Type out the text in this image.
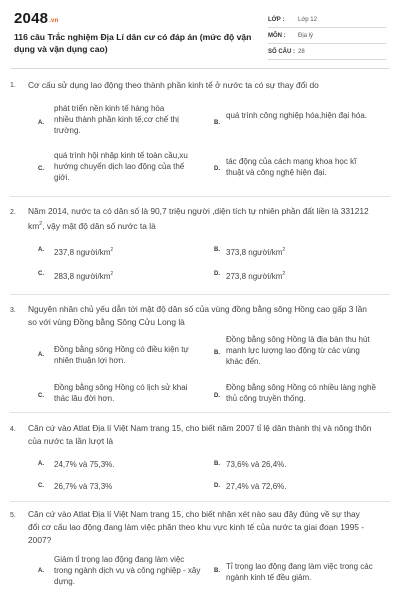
2048.vn
116 câu Trắc nghiệm Địa Lí dân cư có đáp án (mức độ vận dụng và vận dụng cao)
LỚP : Lớp 12
MÔN : Địa lý
SỐ CÂU : 28
1. Cơ cấu sử dụng lao động theo thành phần kinh tế ở nước ta có sự thay đổi do
A.
phát triển nền kinh tế hàng hóa nhiều thành phần kinh tế,cơ chế thị trường.
B.
quá trình công nghiệp hóa,hiện đại hóa.
C.
quá trình hội nhập kinh tế toàn cầu,xu hướng chuyển dịch lao động của thế giới.
D.
tác động của cách mạng khoa học kĩ thuật và công nghệ hiện đại.
2. Năm 2014, nước ta có dân số là 90,7 triệu người ,diện tích tự nhiên phần đất liền là 331212 $km^2$, vậy mật độ dân số nước ta là
A. 237,8 người/$km^2$	B. 373,8 người/$km^2$
C. 283,8 người/$km^2$	D. 273,8 người/$km^2$
3. Nguyên nhân chủ yếu dẫn tới mật độ dân số của vùng đồng bằng sông Hồng cao gấp 3 lần so với vùng Đồng bằng Sông Cửu Long là
A.
Đồng bằng sông Hồng có điều kiện tự nhiên thuận lợi hơn.
B.
Đồng bằng sông Hồng là địa bàn thu hút mạnh lực lượng lao động từ các vùng khác đến.
C.
Đồng bằng sông Hồng có lịch sử khai thác lâu đời hơn.	D.
Đồng bằng sông Hồng có nhiều làng nghề thủ công truyền thống.
4. Căn cứ vào Atlat Địa lí Việt Nam trang 15, cho biết năm 2007 tỉ lệ dân thành thị và nông thôn của nước ta lần lượt là
A. 24,7% và 75,3%.	B. 73,6% và 26,4%.
C. 26,7% và 73,3%	D. 27,4% và 72,6%.
5. Căn cứ vào Atlat Địa lí Việt Nam trang 15, cho biết nhận xét nào sau đây đúng về sự thay đổi cơ cấu lao động đang làm việc phân theo khu vực kinh tế của nước ta giai đoạn 1995 - 2007?
A.
Giảm tỉ trọng lao động đang làm việc trong ngành dịch vụ và công nghiệp - xây dựng.
B. Tỉ trọng lao động đang làm việc trong các ngành kinh tế đều giảm.
